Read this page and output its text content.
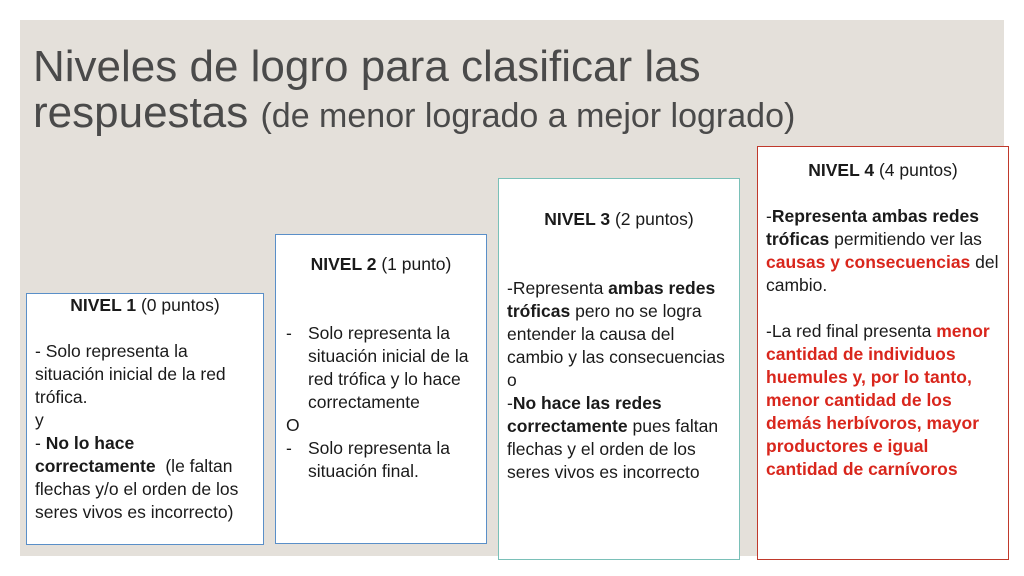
Niveles de logro para clasificar las respuestas (de menor logrado a mejor logrado)

NIVEL 1 (0 puntos)

- Solo representa la situación inicial de la red trófica.

y

- No lo hace correctamente  (le faltan flechas y/o el orden de los seres vivos es incorrecto)

NIVEL 2 (1 punto)

- Solo representa la situación inicial de la red trófica y lo hace correctamente

O

- Solo representa la situación final.

NIVEL 3 (2 puntos)

-Representa ambas redes tróficas pero no se logra entender la causa del cambio y las consecuencias

o

-No hace las redes correctamente pues faltan flechas y el orden de los seres vivos es incorrecto

NIVEL 4 (4 puntos)

-Representa ambas redes tróficas permitiendo ver las causas y consecuencias del cambio.

-La red final presenta menor cantidad de individuos huemules y, por lo tanto, menor cantidad de los demás herbívoros, mayor productores e igual cantidad de carnívoros
